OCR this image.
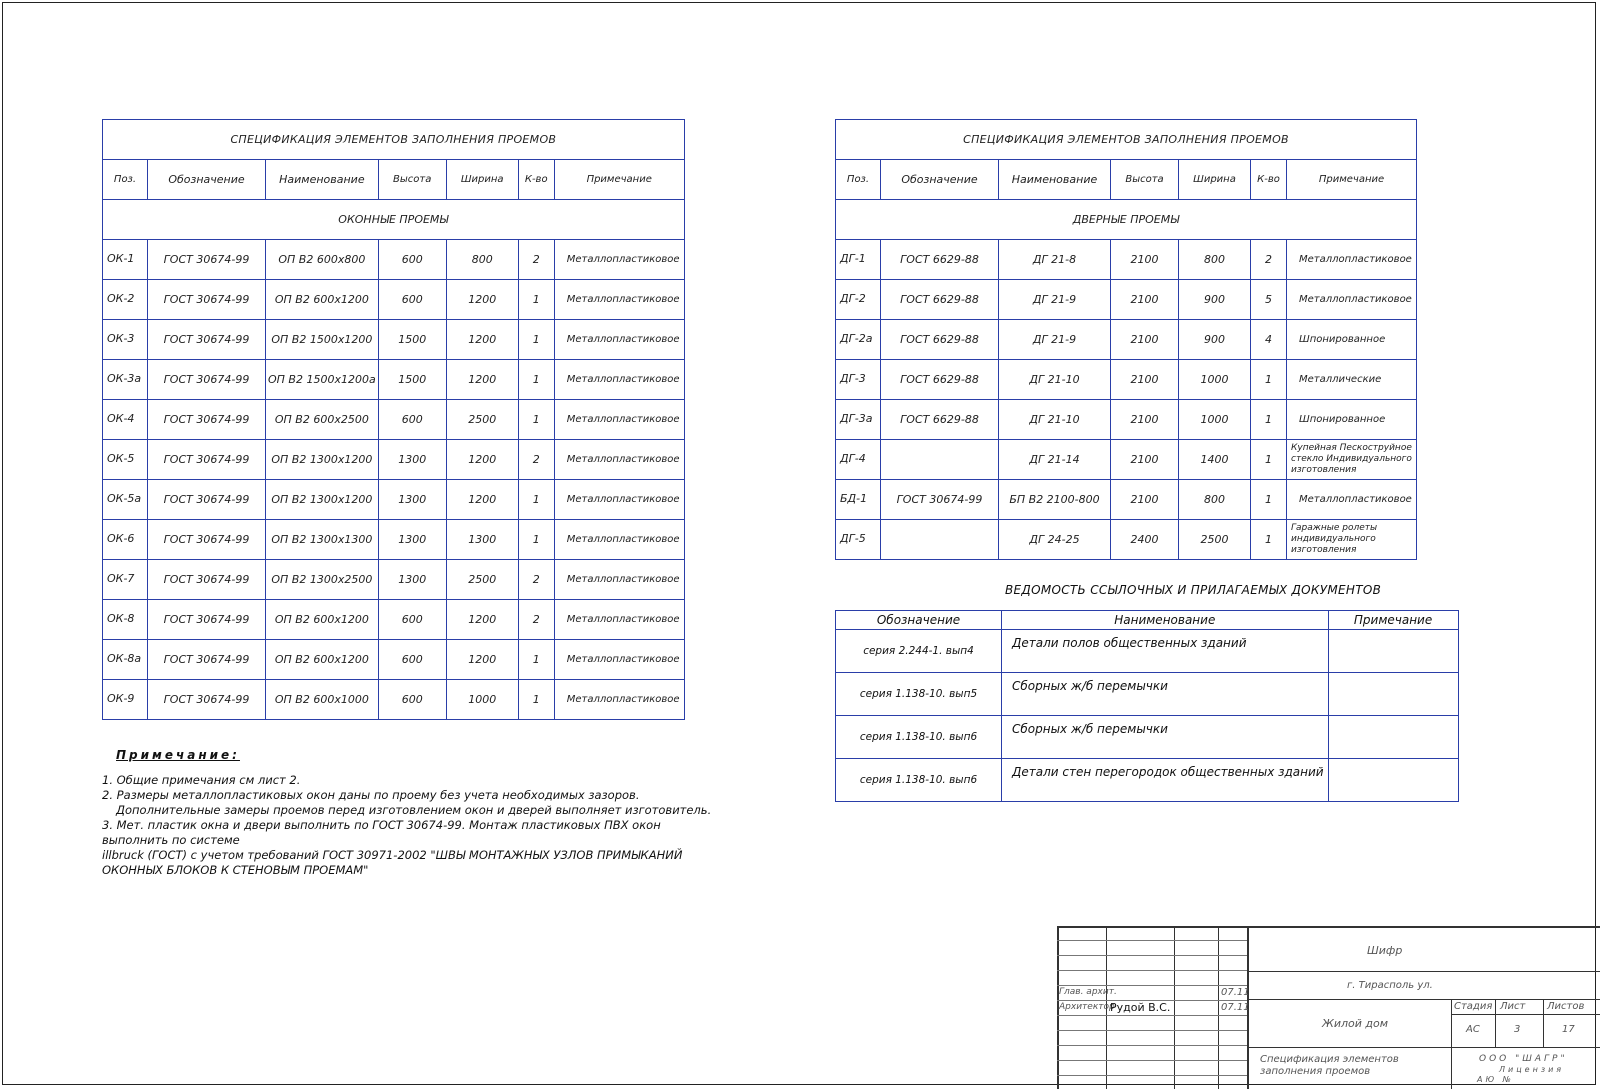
СПЕЦИФИКАЦИЯ ЭЛЕМЕНТОВ ЗАПОЛНЕНИЯ ПРОЕМОВ						
Поз.	Обозначение	Наименование	Высота	Ширина	К-во	Примечание
ОКОННЫЕ ПРОЕМЫ						
ОК-1	ГОСТ 30674-99	ОП В2 600х800	600	800	2	Металлопластиковое
ОК-2	ГОСТ 30674-99	ОП В2 600х1200	600	1200	1	Металлопластиковое
ОК-3	ГОСТ 30674-99	ОП В2 1500х1200	1500	1200	1	Металлопластиковое
ОК-3а	ГОСТ 30674-99	ОП В2 1500х1200а	1500	1200	1	Металлопластиковое
ОК-4	ГОСТ 30674-99	ОП В2 600х2500	600	2500	1	Металлопластиковое
ОК-5	ГОСТ 30674-99	ОП В2 1300х1200	1300	1200	2	Металлопластиковое
ОК-5а	ГОСТ 30674-99	ОП В2 1300х1200	1300	1200	1	Металлопластиковое
ОК-6	ГОСТ 30674-99	ОП В2 1300х1300	1300	1300	1	Металлопластиковое
ОК-7	ГОСТ 30674-99	ОП В2 1300х2500	1300	2500	2	Металлопластиковое
ОК-8	ГОСТ 30674-99	ОП В2 600х1200	600	1200	2	Металлопластиковое
ОК-8а	ГОСТ 30674-99	ОП В2 600х1200	600	1200	1	Металлопластиковое
ОК-9	ГОСТ 30674-99	ОП В2 600х1000	600	1000	1	Металлопластиковое
СПЕЦИФИКАЦИЯ ЭЛЕМЕНТОВ ЗАПОЛНЕНИЯ ПРОЕМОВ						
Поз.	Обозначение	Наименование	Высота	Ширина	К-во	Примечание
ДВЕРНЫЕ ПРОЕМЫ						
ДГ-1	ГОСТ 6629-88	ДГ 21-8	2100	800	2	Металлопластиковое
ДГ-2	ГОСТ 6629-88	ДГ 21-9	2100	900	5	Металлопластиковое
ДГ-2а	ГОСТ 6629-88	ДГ 21-9	2100	900	4	Шпонированное
ДГ-3	ГОСТ 6629-88	ДГ 21-10	2100	1000	1	Металлические
ДГ-3а	ГОСТ 6629-88	ДГ 21-10	2100	1000	1	Шпонированное
ДГ-4		ДГ 21-14	2100	1400	1	Купейная Пескоструйное стекло Индивидуального изготовления
БД-1	ГОСТ 30674-99	БП В2 2100-800	2100	800	1	Металлопластиковое
ДГ-5		ДГ 24-25	2400	2500	1	Гаражные ролеты индивидуального изготовления
ВЕДОМОСТЬ ССЫЛОЧНЫХ И ПРИЛАГАЕМЫХ ДОКУМЕНТОВ
Обозначение	Нанименование	Примечание
серия 2.244-1. вып4	Детали полов общественных зданий	
серия 1.138-10. вып5	Сборных ж/б перемычки	
серия 1.138-10. вып6	Сборных ж/б перемычки	
серия 1.138-10. вып6	Детали стен перегородок общественных зданий	
Примечание:
1. Общие примечания см лист 2.
2. Размеры металлопластиковых окон даны по проему без учета необходимых зазоров.
Дополнительные замеры проемов перед изготовлением окон и дверей выполняет изготовитель.
3. Мет. пластик окна и двери выполнить по ГОСТ 30674-99. Монтаж пластиковых ПВХ окон
выполнить по системе
illbruck (ГОСТ) с учетом требований ГОСТ 30971-2002 "ШВЫ МОНТАЖНЫХ УЗЛОВ ПРИМЫКАНИЙ
ОКОННЫХ БЛОКОВ К СТЕНОВЫМ ПРОЕМАМ"
Шифр
г. Тирасполь ул.
Глав. архит.	07.11
Архитектор
Рудой В.С.	07.11
Жилой дом
Стадия Лист Листов
АС	3	17
Спецификация элементов заполнения проемов
ООО "ШАГР"
Лицензия
АЮ №
